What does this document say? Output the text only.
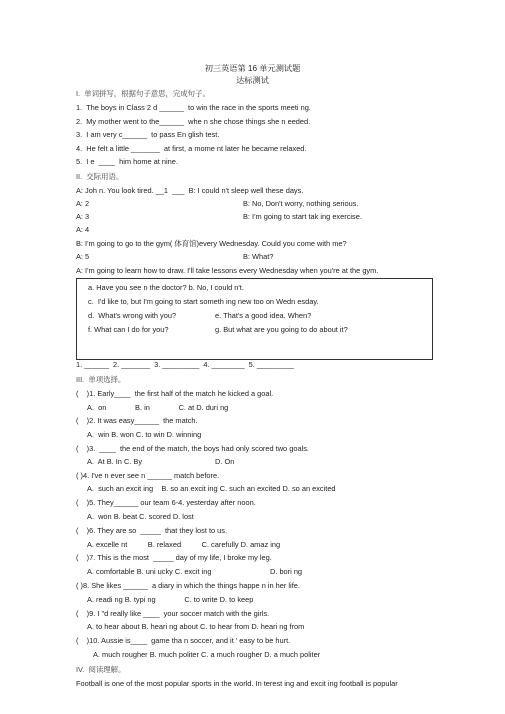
初三英语第 16 单元测试题
达标测试
I.  单词拼写，根据句子意思，完成句子。
1.  The boys in Class 2 d ______  to win the race in the sports meeti ng.
2.  My mother went to the______  whe n she chose things she n eeded.
3.  I am very c______  to pass En glish test.
4.  He felt a little _______  at first, a mome nt later he became relaxed.
5.  I e  ____  him home at nine.
II.  交际用语。
A: Joh n. You look tired. __1  ___  B: I could n't sleep well these days.
A: 2	B: No, Don't worry, nothing serious.
A: 3	B: I'm going to start tak ing exercise.
A: 4
B: I'm going to go to the gym( 体育馆)every Wednesday. Could you come with me?
A: 5	B: What?
A: I'm going to learn how to draw. I'll take lessons every Wednesday when you're at the gym.
a. Have you see n the doctor? b. No, I could n't.
c.  I'd like to, but I'm going to start someth ing new too on Wedn esday.
d.  What's wrong with you?	e. That's a good idea. When?
f. What can I do for you?	g. But what are you going to do about it?
1. ______  2. _______  3. _________  4. ________  5. _________
III.  单项选择。
(    )1. Early____  the first half of the match he kicked a goal.
A.  on              B. in              C. at D. duri ng
(    )2. It was easy______  the match.
A.  win B. won C. to win D. winning
(    )3.  ____  the end of the match, the boys had only scored two goals.
A.  At B. In C. By	D. On
( )4. I've n ever see n ______ match before.
A.  such an excit ing    B. so an excit ing C. such an excited D. so an excited
(    )5. They______ our team 6-4. yesterday after noon.
A.  won B. beat C. scored D. lost
(    )6. They are so  _____  that they lost to us.
A. excelle nt          B. relaxed          C. carefully D. amaz ing
(    )7. This is the most  _____ day of my life, I broke my leg.
A. comfortable B. uni ucky C. excit ing	D. bori ng
( )8. She likes ______  a diary in which the things happe n in her life.
A. readi ng B. typi ng              C. to write D. to keep
(    )9. I "d really like ____  your soccer match with the girls.
A. to hear about B. heari ng about C. to hear from D. heari ng from
(    )10. Aussie is____  game tha n soccer, and it ' easy to be hurt.
A. much rougher B. much politer C. a much rougher D. a much politer
IV.  阅读理解。
Football is one of the most popular sports in the world. In terest ing and excit ing football is popular
